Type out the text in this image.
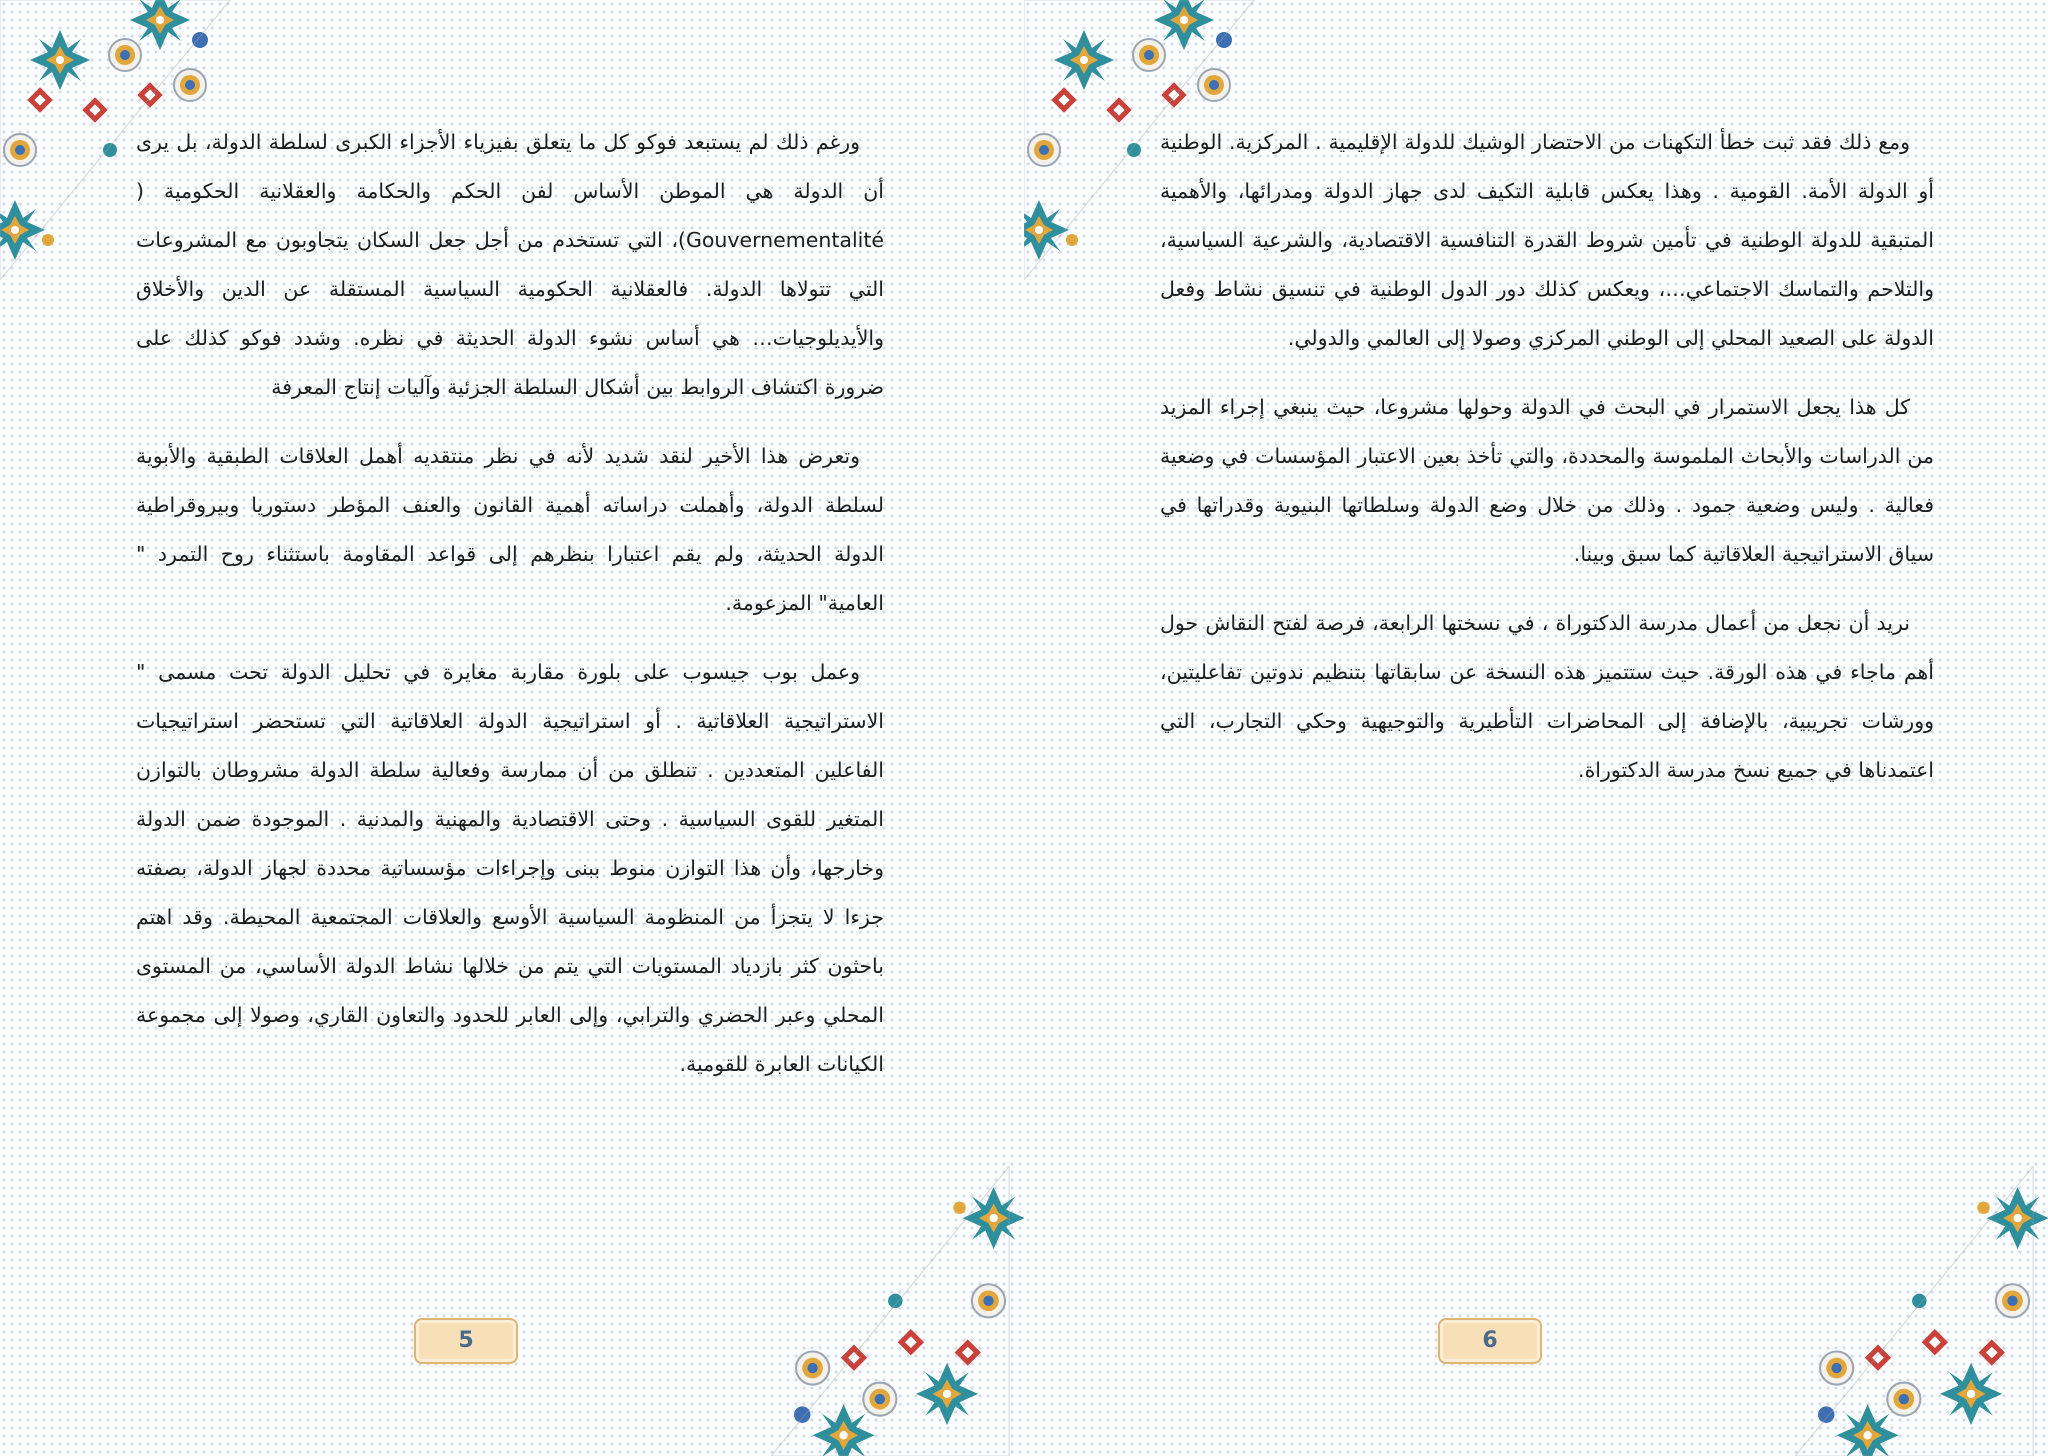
ورغم ذلك لم يستبعد فوكو كل ما يتعلق بفيزياء الأجزاء الكبرى لسلطة الدولة، بل يرى أن الدولة هي الموطن الأساس لفن الحكم والحكامة والعقلانية الحكومية ( Gouvernementalité)، التي تستخدم من أجل جعل السكان يتجاوبون مع المشروعات التي تتولاها الدولة. فالعقلانية الحكومية السياسية المستقلة عن الدين والأخلاق والأيديلوجيات… هي أساس نشوء الدولة الحديثة في نظره. وشدد فوكو كذلك على ضرورة اكتشاف الروابط بين أشكال السلطة الجزئية وآليات إنتاج المعرفة

وتعرض هذا الأخير لنقد شديد لأنه في نظر منتقديه أهمل العلاقات الطبقية والأبوية لسلطة الدولة، وأهملت دراساته أهمية القانون والعنف المؤطر دستوريا وبيروقراطية الدولة الحديثة، ولم يقم اعتبارا بنظرهم إلى قواعد المقاومة باستثناء روح التمرد " العامية" المزعومة.

وعمل بوب جيسوب على بلورة مقاربة مغايرة في تحليل الدولة تحت مسمى " الاستراتيجية العلاقاتية . أو استراتيجية الدولة العلاقاتية التي تستحضر استراتيجيات الفاعلين المتعددين . تنطلق من أن ممارسة وفعالية سلطة الدولة مشروطان بالتوازن المتغير للقوى السياسية . وحتى الاقتصادية والمهنية والمدنية . الموجودة ضمن الدولة وخارجها، وأن هذا التوازن منوط ببنى وإجراءات مؤسساتية محددة لجهاز الدولة، بصفته جزءا لا يتجزأ من المنظومة السياسية الأوسع والعلاقات المجتمعية المحيطة. وقد اهتم باحثون كثر بازدياد المستويات التي يتم من خلالها نشاط الدولة الأساسي، من المستوى المحلي وعبر الحضري والترابي، وإلى العابر للحدود والتعاون القاري، وصولا إلى مجموعة الكيانات العابرة للقومية.

5

ومع ذلك فقد ثبت خطأ التكهنات من الاحتضار الوشيك للدولة الإقليمية . المركزية. الوطنية أو الدولة الأمة. القومية . وهذا يعكس قابلية التكيف لدى جهاز الدولة ومدرائها، والأهمية المتبقية للدولة الوطنية في تأمين شروط القدرة التنافسية الاقتصادية، والشرعية السياسية، والتلاحم والتماسك الاجتماعي…، ويعكس كذلك دور الدول الوطنية في تنسيق نشاط وفعل الدولة على الصعيد المحلي إلى الوطني المركزي وصولا إلى العالمي والدولي.

كل هذا يجعل الاستمرار في البحث في الدولة وحولها مشروعا، حيث ينبغي إجراء المزيد من الدراسات والأبحاث الملموسة والمحددة، والتي تأخذ بعين الاعتبار المؤسسات في وضعية فعالية . وليس وضعية جمود . وذلك من خلال وضع الدولة وسلطاتها البنيوية وقدراتها في سياق الاستراتيجية العلاقاتية كما سبق وبينا.

نريد أن نجعل من أعمال مدرسة الدكتوراة ، في نسختها الرابعة، فرصة لفتح النقاش حول أهم ماجاء في هذه الورقة. حيث ستتميز هذه النسخة عن سابقاتها بتنظيم ندوتين تفاعليتين، وورشات تجريبية، بالإضافة إلى المحاضرات التأطيرية والتوجيهية وحكي التجارب، التي اعتمدناها في جميع نسخ مدرسة الدكتوراة.

6
